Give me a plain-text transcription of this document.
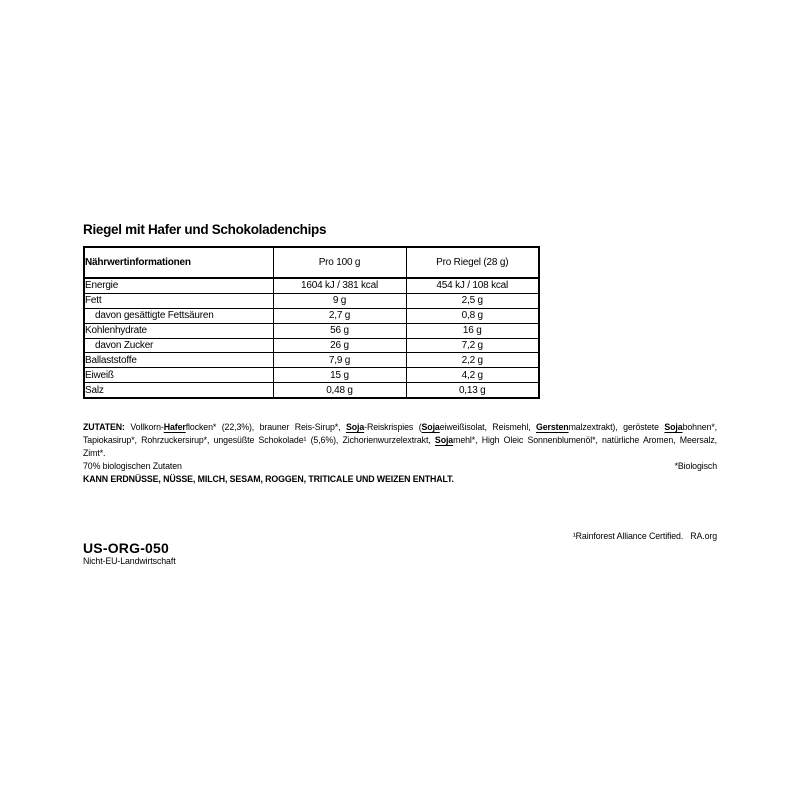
Riegel mit Hafer und Schokoladenchips
Nährwertinformationen	Pro 100 g	Pro Riegel (28 g)
Energie	1604 kJ / 381 kcal	454 kJ / 108 kcal
Fett	9 g	2,5 g
davon gesättigte Fettsäuren	2,7 g	0,8 g
Kohlenhydrate	56 g	16 g
davon Zucker	26 g	7,2 g
Ballaststoffe	7,9 g	2,2 g
Eiweiß	15 g	4,2 g
Salz	0,48 g	0,13 g

ZUTATEN: Vollkorn-Haferflocken* (22,3%), brauner Reis-Sirup*, Soja-Reiskrispies (Sojaeiweißisolat, Reismehl, Gerstenmalzextrakt), geröstete Sojabohnen*, Tapiokasirup*, Rohrzuckersirup*, ungesüßte Schokolade¹ (5,6%), Zichorienwurzelextrakt, Sojamehl*, High Oleic Sonnenblumenöl*, natürliche Aromen, Meersalz, Zimt*.

70% biologischen Zutaten	*Biologisch
KANN ERDNÜSSE, NÜSSE, MILCH, SESAM, ROGGEN, TRITICALE UND WEIZEN ENTHALT.
¹Rainforest Alliance Certified.   RA.org
US-ORG-050
Nicht-EU-Landwirtschaft
